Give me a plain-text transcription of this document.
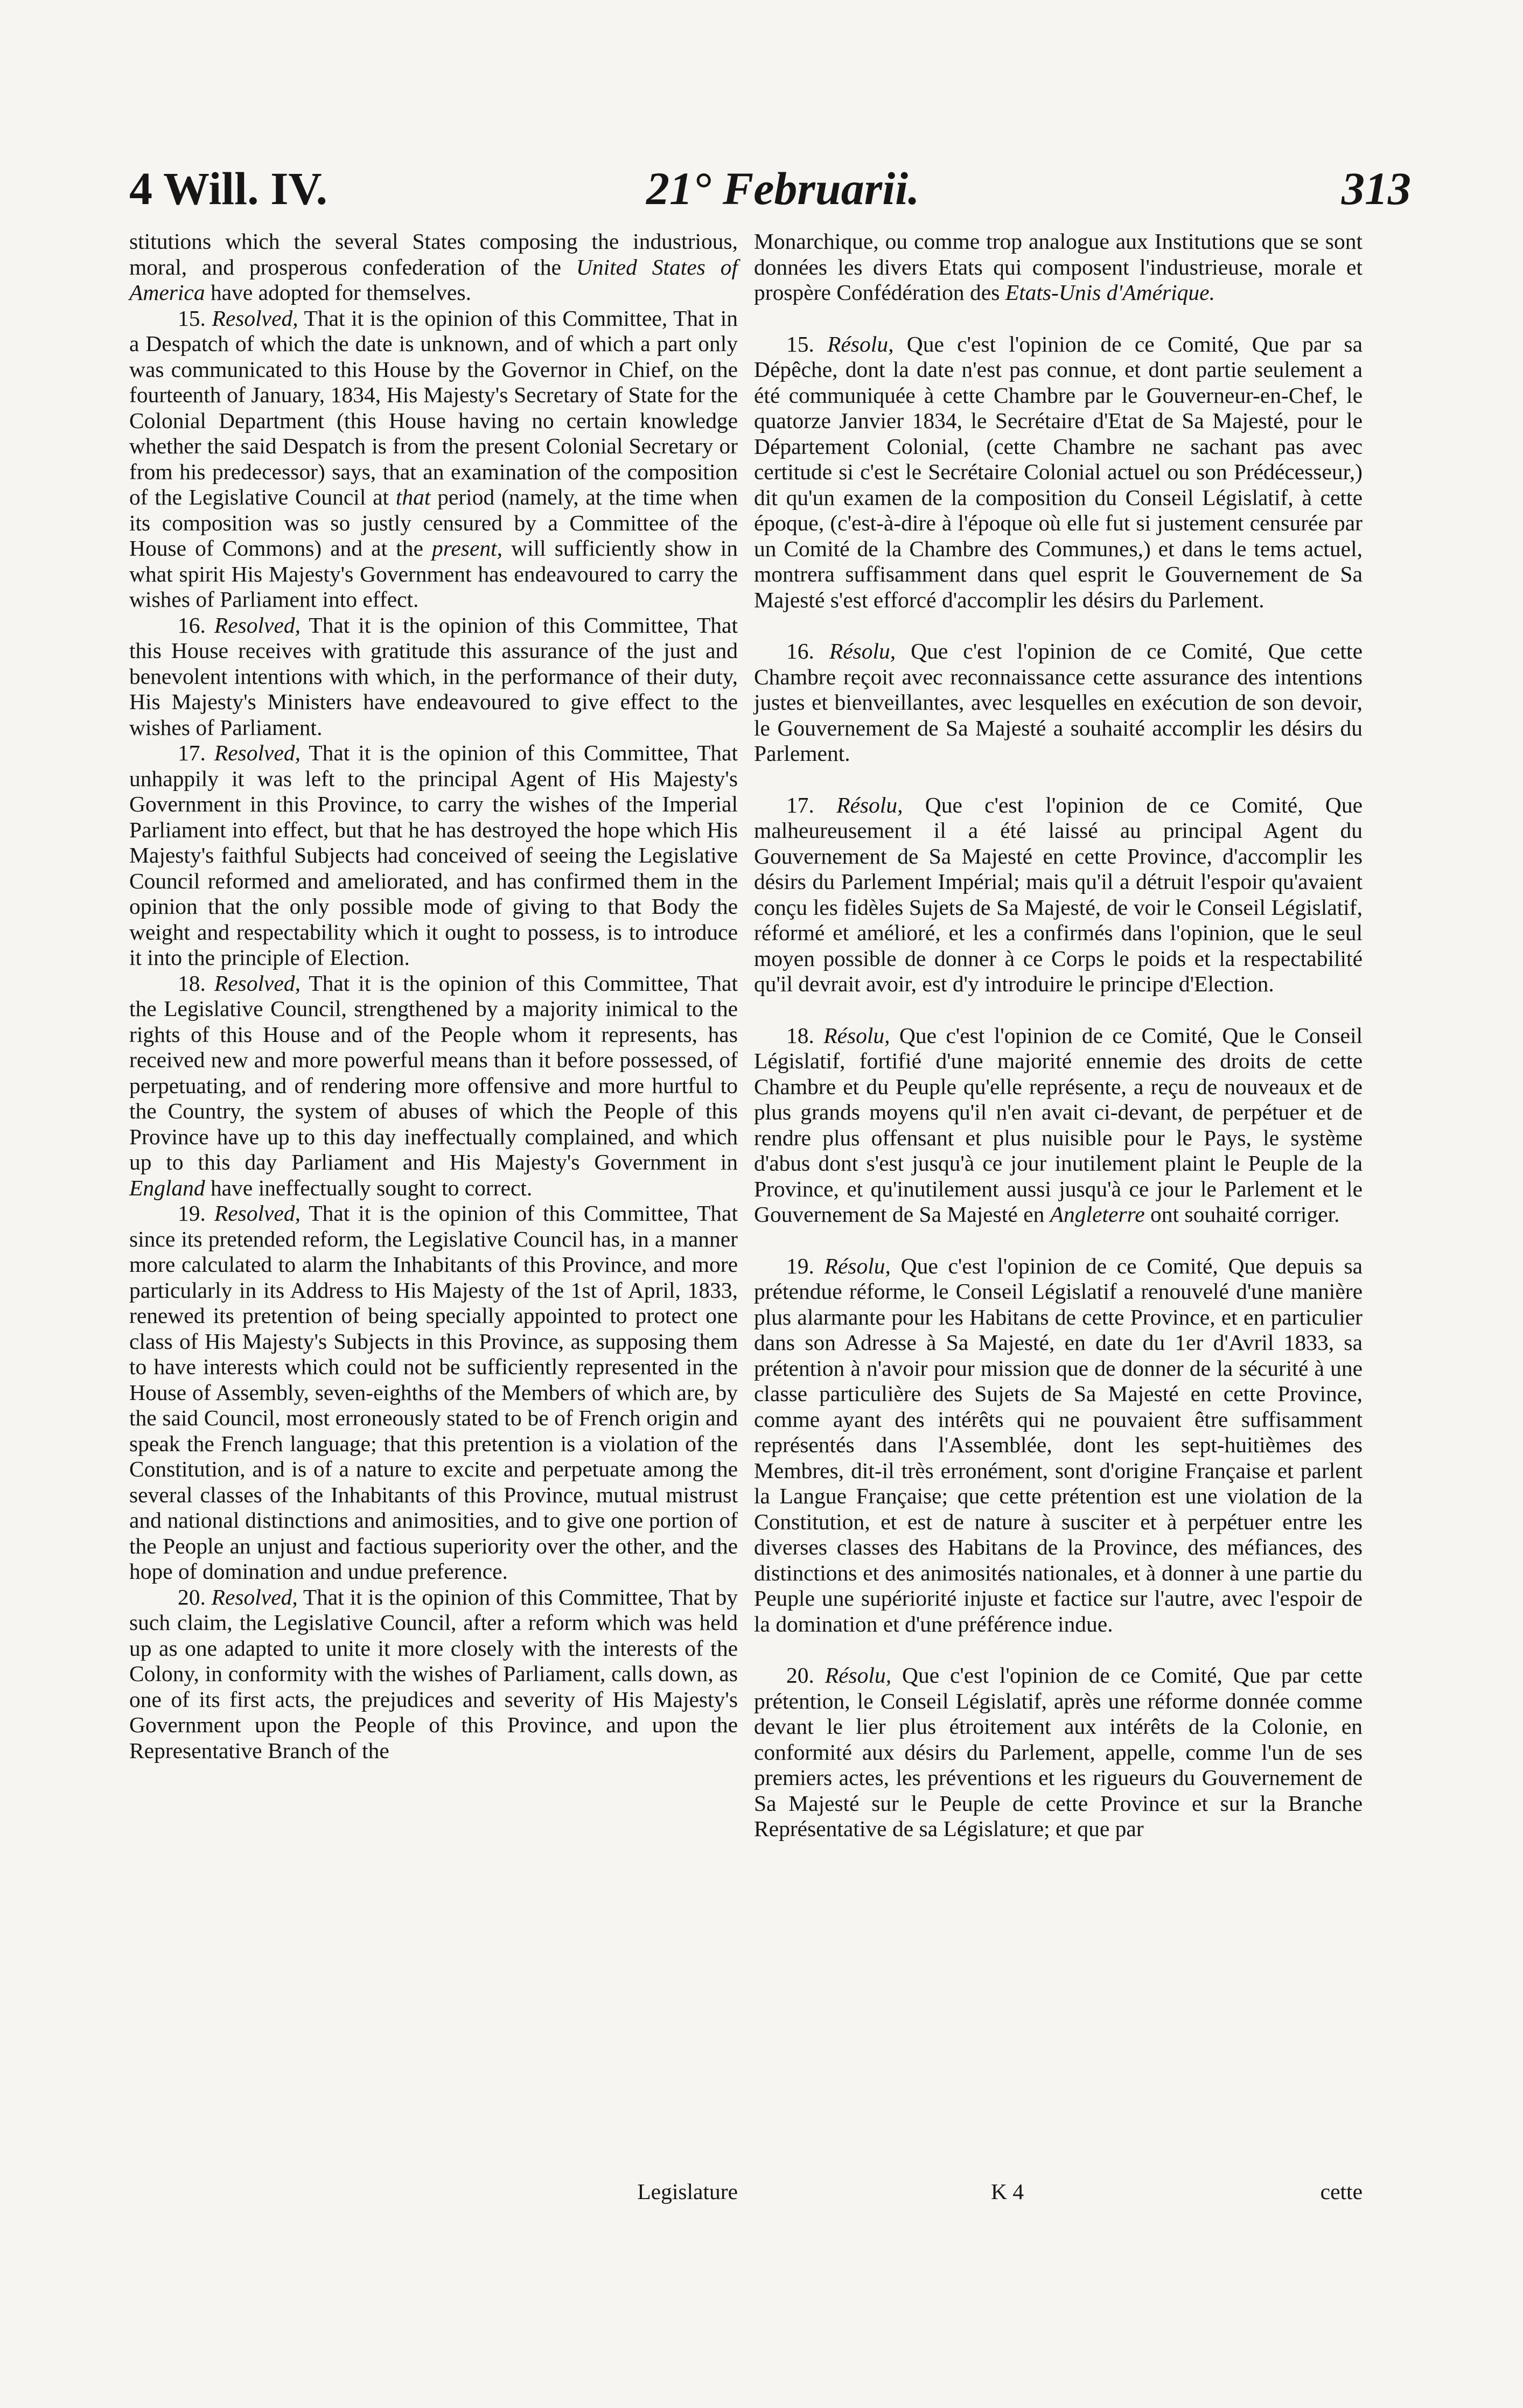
4 Will. IV.	21° Februarii.	313

stitutions which the several States composing the industrious, moral, and prosperous confederation of the United States of America have adopted for themselves.

15. Resolved, That it is the opinion of this Committee, That in a Despatch of which the date is unknown, and of which a part only was communicated to this House by the Governor in Chief, on the fourteenth of January, 1834, His Majesty's Secretary of State for the Colonial Department (this House having no certain knowledge whether the said Despatch is from the present Colonial Secretary or from his predecessor) says, that an examination of the composition of the Legislative Council at that period (namely, at the time when its composition was so justly censured by a Committee of the House of Commons) and at the present, will sufficiently show in what spirit His Majesty's Government has endeavoured to carry the wishes of Parliament into effect.

16. Resolved, That it is the opinion of this Committee, That this House receives with gratitude this assurance of the just and benevolent intentions with which, in the performance of their duty, His Majesty's Ministers have endeavoured to give effect to the wishes of Parliament.

17. Resolved, That it is the opinion of this Committee, That unhappily it was left to the principal Agent of His Majesty's Government in this Province, to carry the wishes of the Imperial Parliament into effect, but that he has destroyed the hope which His Majesty's faithful Subjects had conceived of seeing the Legislative Council reformed and ameliorated, and has confirmed them in the opinion that the only possible mode of giving to that Body the weight and respectability which it ought to possess, is to introduce it into the principle of Election.

18. Resolved, That it is the opinion of this Committee, That the Legislative Council, strengthened by a majority inimical to the rights of this House and of the People whom it represents, has received new and more powerful means than it before possessed, of perpetuating, and of rendering more offensive and more hurtful to the Country, the system of abuses of which the People of this Province have up to this day ineffectually complained, and which up to this day Parliament and His Majesty's Government in England have ineffectually sought to correct.

19. Resolved, That it is the opinion of this Committee, That since its pretended reform, the Legislative Council has, in a manner more calculated to alarm the Inhabitants of this Province, and more particularly in its Address to His Majesty of the 1st of April, 1833, renewed its pretention of being specially appointed to protect one class of His Majesty's Subjects in this Province, as supposing them to have interests which could not be sufficiently represented in the House of Assembly, seven-eighths of the Members of which are, by the said Council, most erroneously stated to be of French origin and speak the French language; that this pretention is a violation of the Constitution, and is of a nature to excite and perpetuate among the several classes of the Inhabitants of this Province, mutual mistrust and national distinctions and animosities, and to give one portion of the People an unjust and factious superiority over the other, and the hope of domination and undue preference.

20. Resolved, That it is the opinion of this Committee, That by such claim, the Legislative Council, after a reform which was held up as one adapted to unite it more closely with the interests of the Colony, in conformity with the wishes of Parliament, calls down, as one of its first acts, the prejudices and severity of His Majesty's Government upon the People of this Province, and upon the Representative Branch of the

Monarchique, ou comme trop analogue aux Institutions que se sont données les divers Etats qui composent l'industrieuse, morale et prospère Confédération des Etats-Unis d'Amérique.

15. Résolu, Que c'est l'opinion de ce Comité, Que par sa Dépêche, dont la date n'est pas connue, et dont partie seulement a été communiquée à cette Chambre par le Gouverneur-en-Chef, le quatorze Janvier 1834, le Secrétaire d'Etat de Sa Majesté, pour le Département Colonial, (cette Chambre ne sachant pas avec certitude si c'est le Secrétaire Colonial actuel ou son Prédécesseur,) dit qu'un examen de la composition du Conseil Législatif, à cette époque, (c'est-à-dire à l'époque où elle fut si justement censurée par un Comité de la Chambre des Communes,) et dans le tems actuel, montrera suffisamment dans quel esprit le Gouvernement de Sa Majesté s'est efforcé d'accomplir les désirs du Parlement.

16. Résolu, Que c'est l'opinion de ce Comité, Que cette Chambre reçoit avec reconnaissance cette assurance des intentions justes et bienveillantes, avec lesquelles en exécution de son devoir, le Gouvernement de Sa Majesté a souhaité accomplir les désirs du Parlement.

17. Résolu, Que c'est l'opinion de ce Comité, Que malheureusement il a été laissé au principal Agent du Gouvernement de Sa Majesté en cette Province, d'accomplir les désirs du Parlement Impérial; mais qu'il a détruit l'espoir qu'avaient conçu les fidèles Sujets de Sa Majesté, de voir le Conseil Législatif, réformé et amélioré, et les a confirmés dans l'opinion, que le seul moyen possible de donner à ce Corps le poids et la respectabilité qu'il devrait avoir, est d'y introduire le principe d'Election.

18. Résolu, Que c'est l'opinion de ce Comité, Que le Conseil Législatif, fortifié d'une majorité ennemie des droits de cette Chambre et du Peuple qu'elle représente, a reçu de nouveaux et de plus grands moyens qu'il n'en avait ci-devant, de perpétuer et de rendre plus offensant et plus nuisible pour le Pays, le système d'abus dont s'est jusqu'à ce jour inutilement plaint le Peuple de la Province, et qu'inutilement aussi jusqu'à ce jour le Parlement et le Gouvernement de Sa Majesté en Angleterre ont souhaité corriger.

19. Résolu, Que c'est l'opinion de ce Comité, Que depuis sa prétendue réforme, le Conseil Législatif a renouvelé d'une manière plus alarmante pour les Habitans de cette Province, et en particulier dans son Adresse à Sa Majesté, en date du 1er d'Avril 1833, sa prétention à n'avoir pour mission que de donner de la sécurité à une classe particulière des Sujets de Sa Majesté en cette Province, comme ayant des intérêts qui ne pouvaient être suffisamment représentés dans l'Assemblée, dont les sept-huitièmes des Membres, dit-il très erronément, sont d'origine Française et parlent la Langue Française; que cette prétention est une violation de la Constitution, et est de nature à susciter et à perpétuer entre les diverses classes des Habitans de la Province, des méfiances, des distinctions et des animosités nationales, et à donner à une partie du Peuple une supériorité injuste et factice sur l'autre, avec l'espoir de la domination et d'une préférence indue.

20. Résolu, Que c'est l'opinion de ce Comité, Que par cette prétention, le Conseil Législatif, après une réforme donnée comme devant le lier plus étroitement aux intérêts de la Colonie, en conformité aux désirs du Parlement, appelle, comme l'un de ses premiers actes, les préventions et les rigueurs du Gouvernement de Sa Majesté sur le Peuple de cette Province et sur la Branche Représentative de sa Législature; et que par

Legislature	K 4	cette
